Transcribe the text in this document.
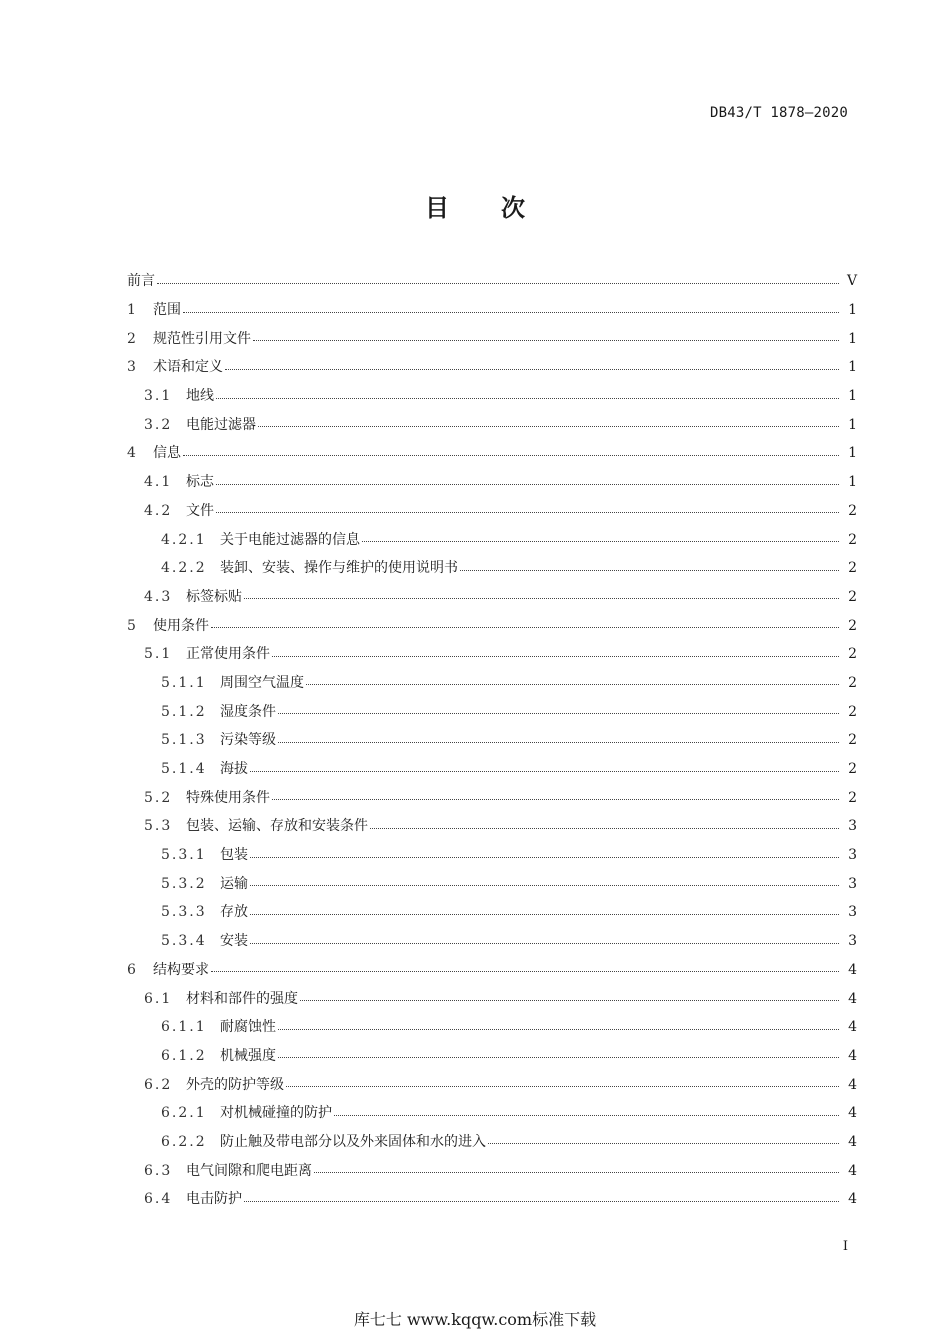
DB43/T 1878—2020
目 次
前言	V
1	范围	1
2	规范性引用文件	1
3	术语和定义	1
3.1 地线	1
3.2 电能过滤器	1
4	信息	1
4.1 标志	1
4.2 文件	2
4.2.1 关于电能过滤器的信息	2
4.2.2 装卸、安装、操作与维护的使用说明书	2
4.3 标签标贴	2
5	使用条件	2
5.1 正常使用条件	2
5.1.1 周围空气温度	2
5.1.2 湿度条件	2
5.1.3 污染等级	2
5.1.4 海拔	2
5.2 特殊使用条件	2
5.3 包装、运输、存放和安装条件	3
5.3.1 包装	3
5.3.2 运输	3
5.3.3 存放	3
5.3.4 安装	3
6	结构要求	4
6.1 材料和部件的强度	4
6.1.1 耐腐蚀性	4
6.1.2 机械强度	4
6.2 外壳的防护等级	4
6.2.1 对机械碰撞的防护	4
6.2.2 防止触及带电部分以及外来固体和水的进入	4
6.3 电气间隙和爬电距离	4
6.4 电击防护	4
I
库七七 www.kqqw.com标准下载
